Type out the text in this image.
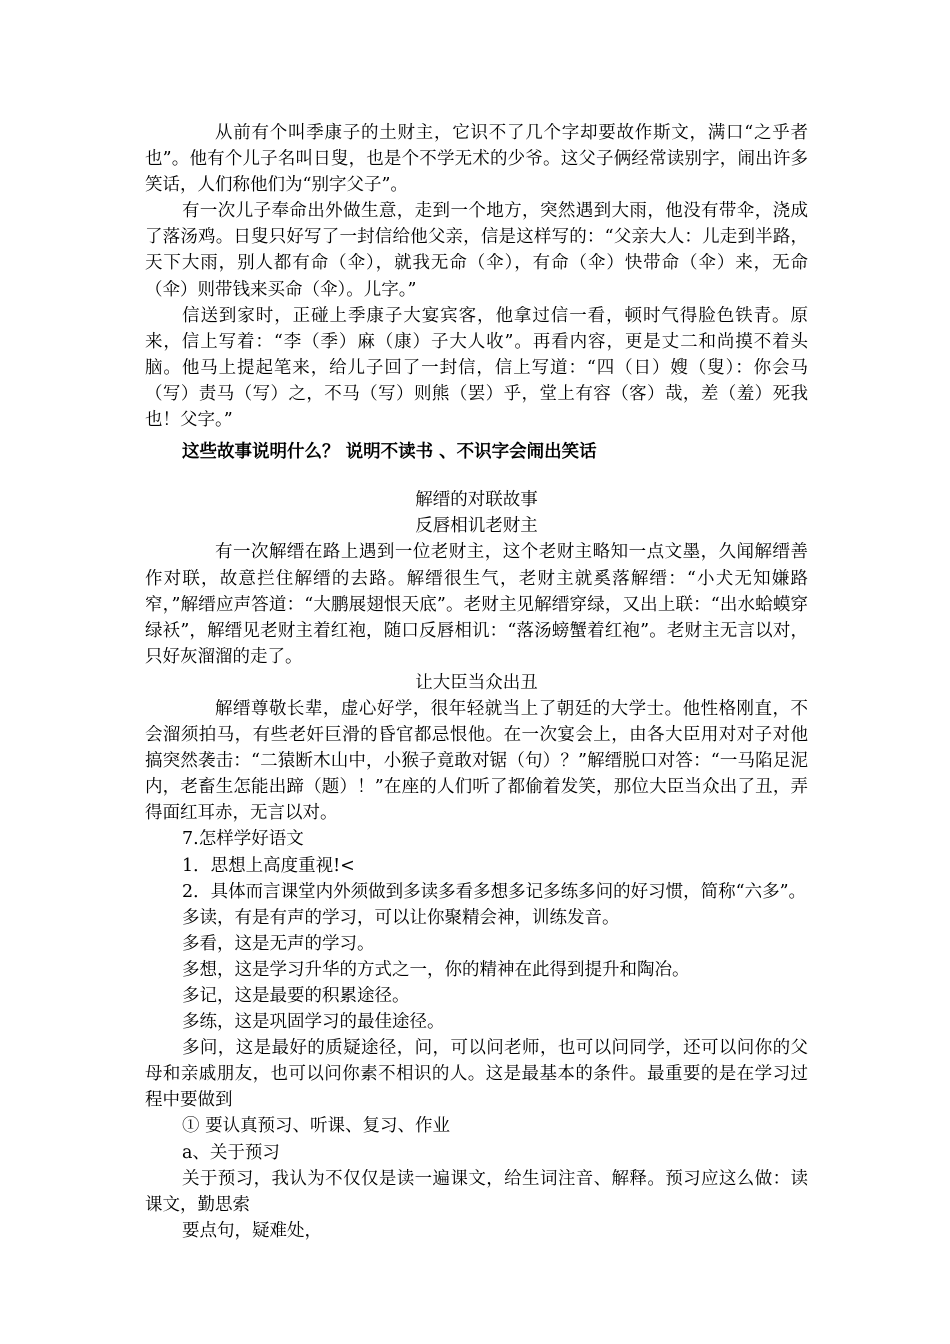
从前有个叫季康子的土财主，它识不了几个字却要故作斯文，满口“之乎者也”。他有个儿子名叫日叟，也是个不学无术的少爷。这父子俩经常读别字，闹出许多笑话，人们称他们为“别字父子”。

有一次儿子奉命出外做生意，走到一个地方，突然遇到大雨，他没有带伞，浇成了落汤鸡。日叟只好写了一封信给他父亲，信是这样写的：“父亲大人：儿走到半路，天下大雨，别人都有命（伞），就我无命（伞），有命（伞）快带命（伞）来，无命（伞）则带钱来买命（伞）。儿字。”

信送到家时，正碰上季康子大宴宾客，他拿过信一看，顿时气得脸色铁青。原来，信上写着：“李（季）麻（康）子大人收”。再看内容，更是丈二和尚摸不着头脑。他马上提起笔来，给儿子回了一封信，信上写道：“四（日）嫂（叟）：你会马（写）责马（写）之，不马（写）则熊（罢）乎，堂上有容（客）哉，差（羞）死我也！父字。”

这些故事说明什么？ 说明不读书 、不识字会闹出笑话

解缙的对联故事

反唇相讥老财主

有一次解缙在路上遇到一位老财主，这个老财主略知一点文墨，久闻解缙善作对联，故意拦住解缙的去路。解缙很生气，老财主就奚落解缙：“小犬无知嫌路窄，”解缙应声答道：“大鹏展翅恨天底”。老财主见解缙穿绿，又出上联：“出水蛤蟆穿绿袄”，解缙见老财主着红袍，随口反唇相讥：“落汤螃蟹着红袍”。老财主无言以对，只好灰溜溜的走了。

让大臣当众出丑

解缙尊敬长辈，虚心好学，很年轻就当上了朝廷的大学士。他性格刚直，不会溜须拍马，有些老奸巨滑的昏官都忌恨他。在一次宴会上，由各大臣用对对子对他搞突然袭击：“二猿断木山中，小猴子竟敢对锯（句）？”解缙脱口对答：“一马陷足泥内，老畜生怎能出蹄（题）！”在座的人们听了都偷着发笑，那位大臣当众出了丑，弄得面红耳赤，无言以对。

7.怎样学好语文

1．思想上高度重视!<

2．具体而言课堂内外须做到多读多看多想多记多练多问的好习惯，简称“六多”。

多读，有是有声的学习，可以让你聚精会神，训练发音。

多看，这是无声的学习。

多想，这是学习升华的方式之一，你的精神在此得到提升和陶冶。

多记，这是最要的积累途径。

多练，这是巩固学习的最佳途径。

多问，这是最好的质疑途径，问，可以问老师，也可以问同学，还可以问你的父母和亲戚朋友，也可以问你素不相识的人。这是最基本的条件。最重要的是在学习过程中要做到

① 要认真预习、听课、复习、作业

a、关于预习

关于预习，我认为不仅仅是读一遍课文，给生词注音、解释。预习应这么做：读课文，勤思索

要点句，疑难处，
